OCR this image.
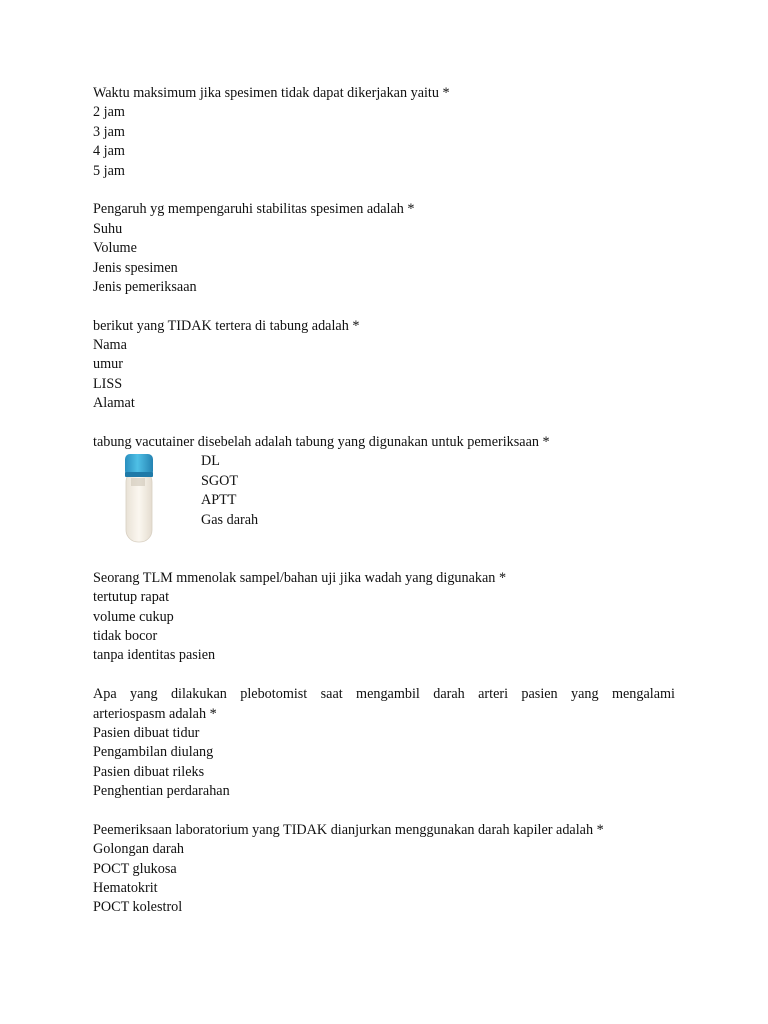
Waktu maksimum jika spesimen tidak dapat dikerjakan yaitu *
2 jam
3 jam
4 jam
5 jam
Pengaruh yg mempengaruhi stabilitas spesimen adalah *
Suhu
Volume
Jenis spesimen
Jenis pemeriksaan
berikut yang TIDAK tertera di tabung adalah *
Nama
umur
LISS
Alamat
tabung vacutainer disebelah adalah tabung yang digunakan untuk pemeriksaan *
DL
SGOT
APTT
Gas darah
Seorang TLM mmenolak sampel/bahan uji jika wadah yang digunakan *
tertutup rapat
volume cukup
tidak bocor
tanpa identitas pasien
Apa yang dilakukan plebotomist saat mengambil darah arteri pasien yang mengalami
arteriospasm adalah *
Pasien dibuat tidur
Pengambilan diulang
Pasien dibuat rileks
Penghentian perdarahan
Peemeriksaan laboratorium yang TIDAK dianjurkan menggunakan darah kapiler adalah *
Golongan darah
POCT glukosa
Hematokrit
POCT kolestrol
